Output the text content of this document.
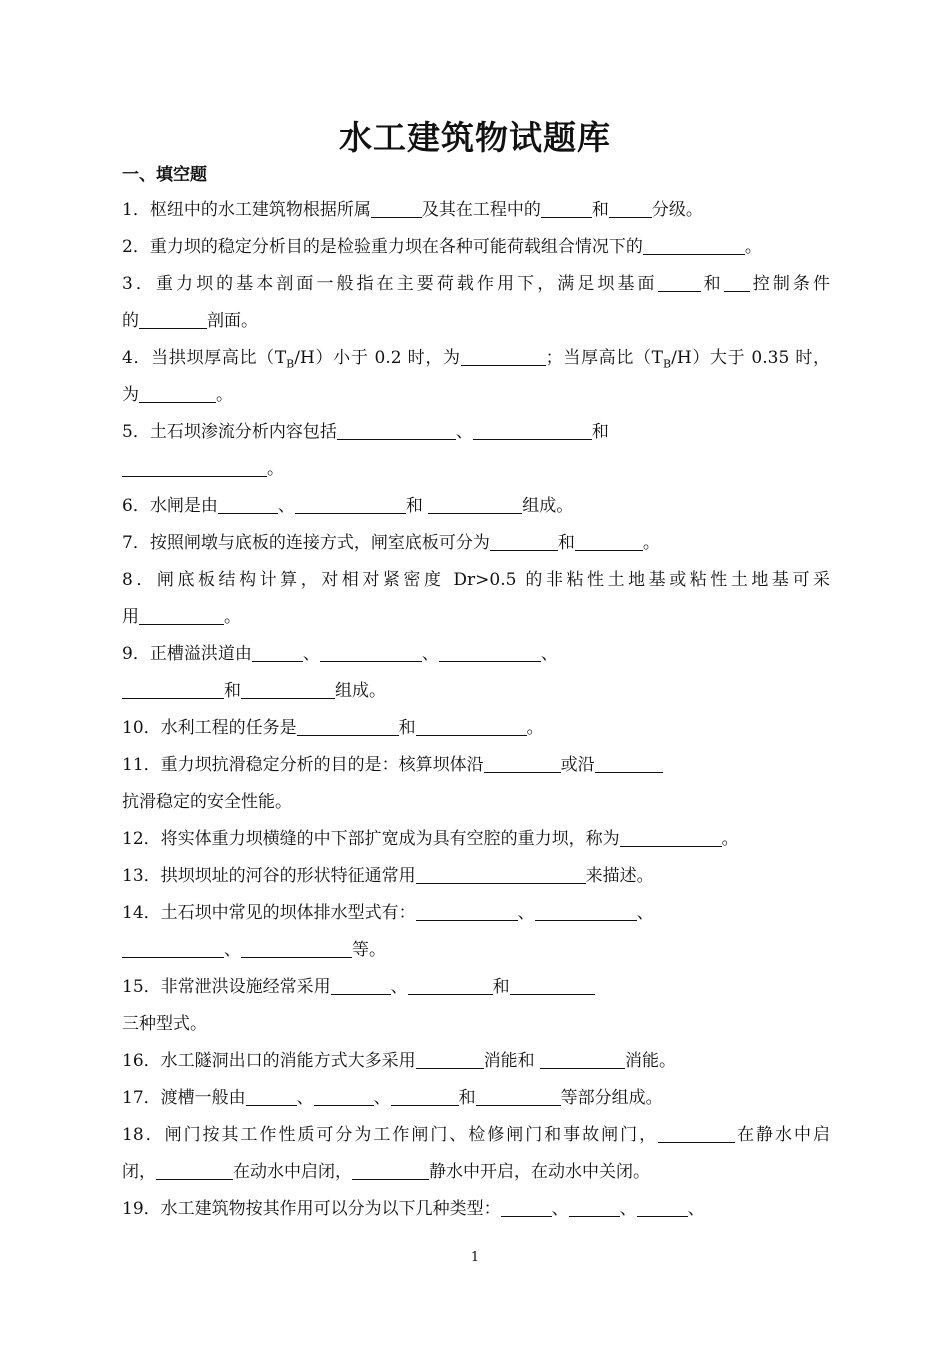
水工建筑物试题库
一、填空题
1．枢纽中的水工建筑物根据所属	及其在工程中的	和	分级。
2．重力坝的稳定分析目的是检验重力坝在各种可能荷载组合情况下的	。
3．重力坝的基本剖面一般指在主要荷载作用下，满足坝基面	和 控制条件
的	剖面。
4．当拱坝厚高比$(T_B/H)$小于 0.2 时，为	；当厚高比$(T_B/H)$大于 0.35 时，
为	。
5．土石坝渗流分析内容包括	、	和
。
6．水闸是由	、	和	组成。
7．按照闸墩与底板的连接方式，闸室底板可分为	和	。
8．闸底板结构计算，对相对紧密度 Dr>0.5 的非粘性土地基或粘性土地基可采
用	。
9．正槽溢洪道由	、	、	、
和	组成。
10．水利工程的任务是	和	。
11．重力坝抗滑稳定分析的目的是：核算坝体沿	或沿
抗滑稳定的安全性能。
12．将实体重力坝横缝的中下部扩宽成为具有空腔的重力坝，称为	。
13．拱坝坝址的河谷的形状特征通常用	来描述。
14．土石坝中常见的坝体排水型式有：	、	、
、	等。
15．非常泄洪设施经常采用	、	和
三种型式。
16．水工隧洞出口的消能方式大多采用	消能和	消能。
17．渡槽一般由	、	、	和	等部分组成。
18．闸门按其工作性质可分为工作闸门、检修闸门和事故闸门，	在静水中启
闭，	在动水中启闭，	静水中开启，在动水中关闭。
19．水工建筑物按其作用可以分为以下几种类型：	、	、	、
1
